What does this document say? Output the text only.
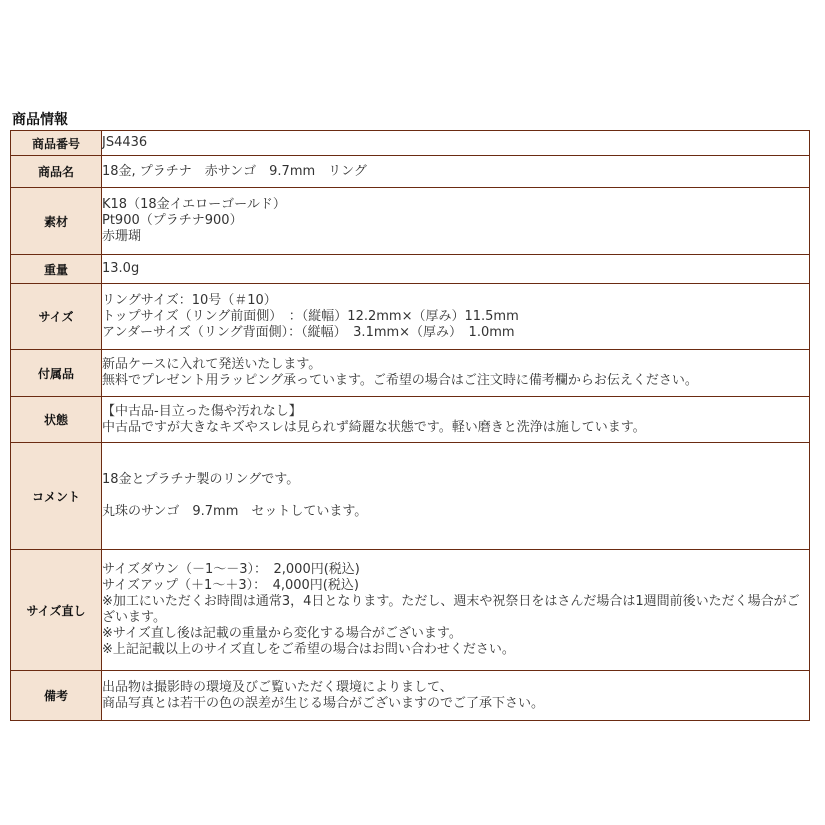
商品情報
商品番号	JS4436

商品名	18金, プラチナ　赤サンゴ　9.7mm　リング

素材	K18（18金イエローゴールド）
Pt900（プラチナ900）
赤珊瑚

重量	13.0g

サイズ	リングサイズ：10号（＃10）
トップサイズ（リング前面側）　：（縦幅）12.2mm×（厚み）11.5mm
アンダーサイズ（リング背面側）：（縦幅）　3.1mm×（厚み）　1.0mm

付属品	新品ケースに入れて発送いたします。
無料でプレゼント用ラッピング承っています。ご希望の場合はご注文時に備考欄からお伝えください。

状態	【中古品-目立った傷や汚れなし】
中古品ですが大きなキズやスレは見られず綺麗な状態です。軽い磨きと洗浄は施しています。

コメント	18金とプラチナ製のリングです。
丸珠のサンゴ　9.7mm　セットしています。

サイズ直し	サイズダウン（－1～－3）：　2,000円(税込)
サイズアップ（＋1～＋3）：　4,000円(税込)
※加工にいただくお時間は通常3，4日となります。ただし、週末や祝祭日をはさんだ場合は1週間前後いただく場合がございます。
※サイズ直し後は記載の重量から変化する場合がございます。
※上記記載以上のサイズ直しをご希望の場合はお問い合わせください。

備考	出品物は撮影時の環境及びご覧いただく環境によりまして、
商品写真とは若干の色の誤差が生じる場合がございますのでご了承下さい。
